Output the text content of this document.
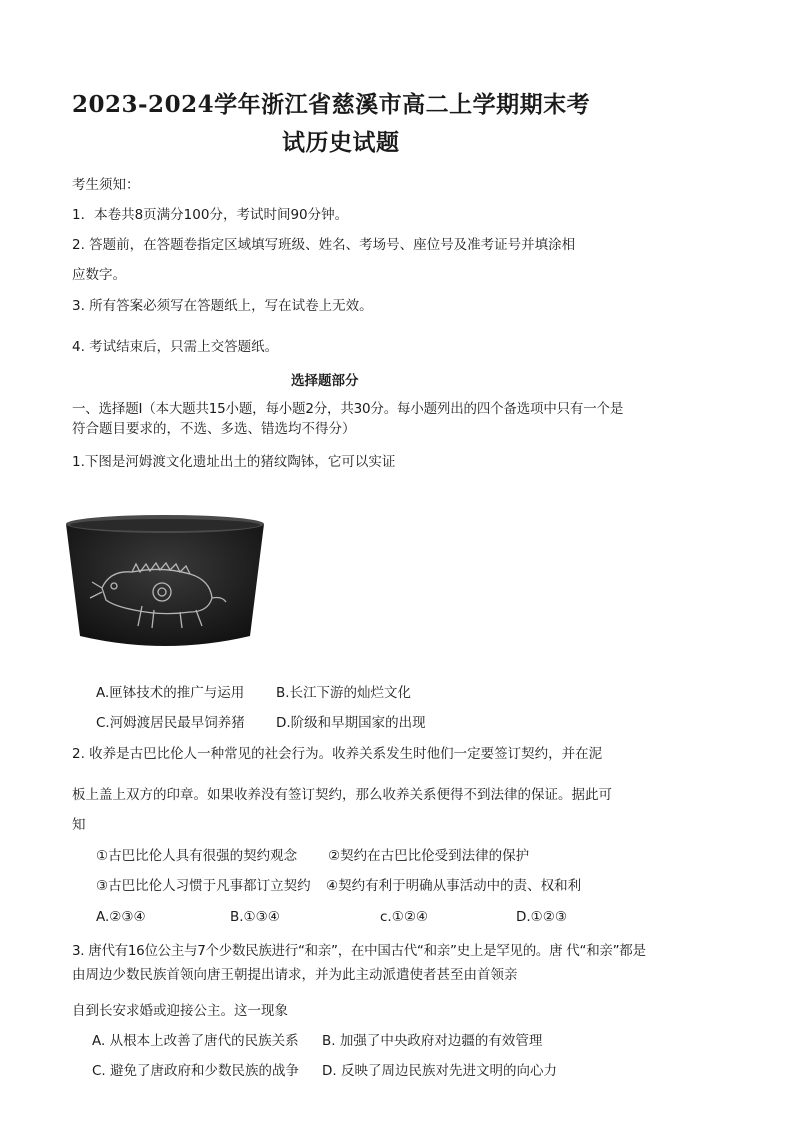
2023-2024学年浙江省慈溪市高二上学期期末考
试历史试题
考生须知：
1．本卷共8页满分100分，考试时间90分钟。
2. 答题前，在答题卷指定区域填写班级、姓名、考场号、座位号及准考证号并填涂相
应数字。
3. 所有答案必须写在答题纸上，写在试卷上无效。
4. 考试结束后，只需上交答题纸。
选择题部分
一、选择题I（本大题共15小题，每小题2分，共30分。每小题列出的四个备选项中只有一个是
符合题目要求的，不选、多选、错选均不得分）
1.下图是河姆渡文化遗址出土的猪纹陶钵，它可以实证
A.匣钵技术的推广与运用 B.长江下游的灿烂文化
C.河姆渡居民最早饲养猪 D.阶级和早期国家的出现
2. 收养是古巴比伦人一种常见的社会行为。收养关系发生时他们一定要签订契约，并在泥
板上盖上双方的印章。如果收养没有签订契约，那么收养关系便得不到法律的保证。据此可
知
①古巴比伦人具有很强的契约观念 ②契约在古巴比伦受到法律的保护
③古巴比伦人习惯于凡事都订立契约 ④契约有利于明确从事活动中的责、权和利
A.②③④	B.①③④	c.①②④	D.①②③
3. 唐代有16位公主与7个少数民族进行“和亲”，在中国古代“和亲”史上是罕见的。唐 代“和亲”都是
由周边少数民族首领向唐王朝提出请求，并为此主动派遣使者甚至由首领亲
自到长安求婚或迎接公主。这一现象
A. 从根本上改善了唐代的民族关系 B. 加强了中央政府对边疆的有效管理
C. 避免了唐政府和少数民族的战争 D. 反映了周边民族对先进文明的向心力
